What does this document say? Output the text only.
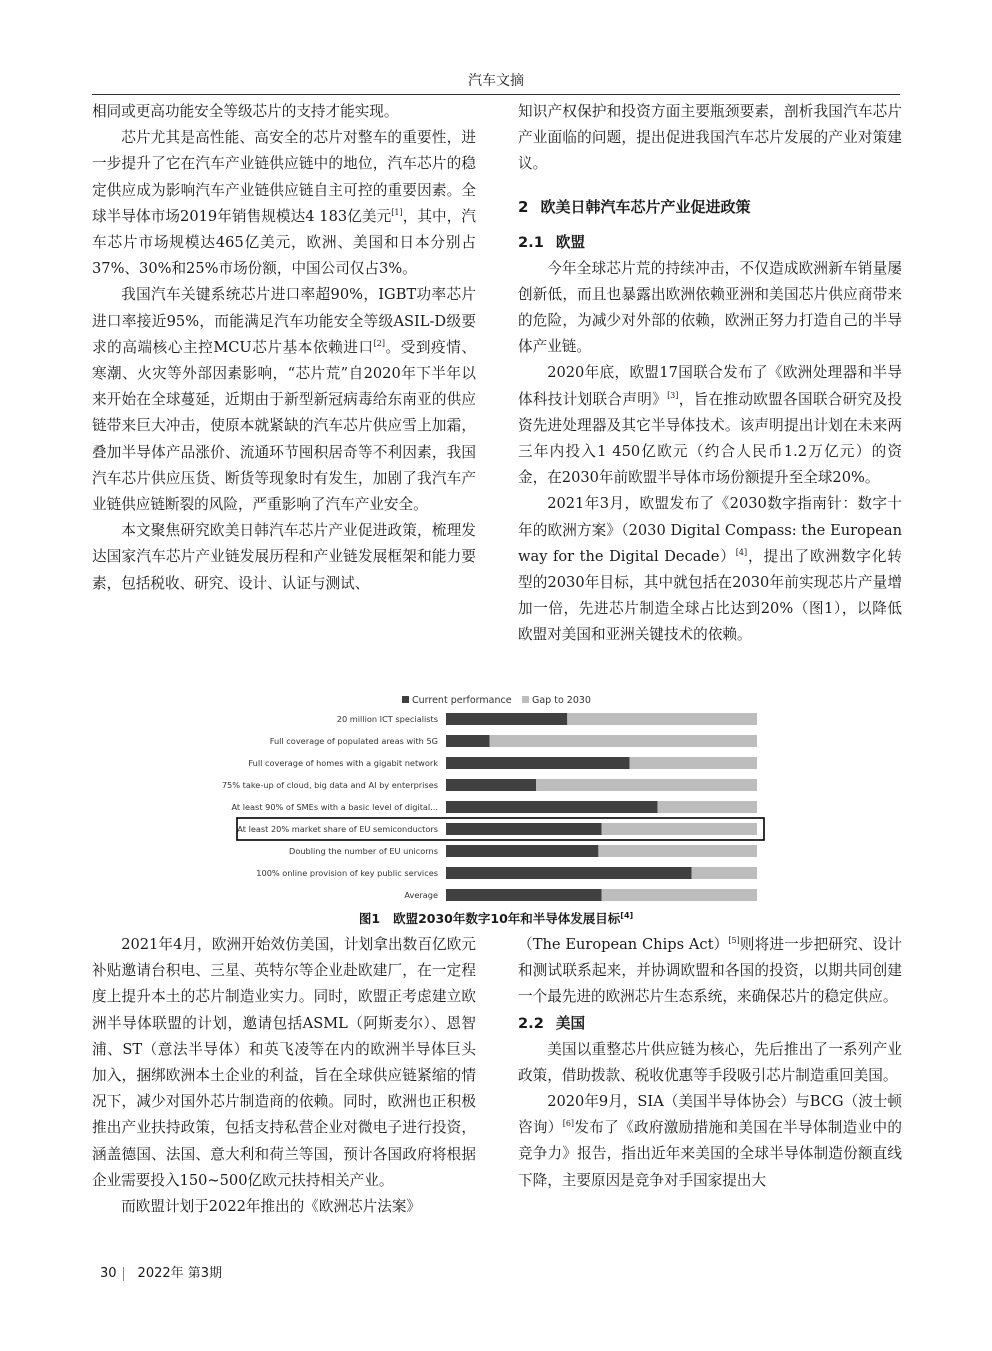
汽车文摘

相同或更高功能安全等级芯片的支持才能实现。

芯片尤其是高性能、高安全的芯片对整车的重要性，进一步提升了它在汽车产业链供应链中的地位，汽车芯片的稳定供应成为影响汽车产业链供应链自主可控的重要因素。全球半导体市场2019年销售规模达4 183亿美元[1]，其中，汽车芯片市场规模达465亿美元，欧洲、美国和日本分别占37%、30%和25%市场份额，中国公司仅占3%。

我国汽车关键系统芯片进口率超90%，IGBT功率芯片进口率接近95%，而能满足汽车功能安全等级ASIL-D级要求的高端核心主控MCU芯片基本依赖进口[2]。受到疫情、寒潮、火灾等外部因素影响，“芯片荒”自2020年下半年以来开始在全球蔓延，近期由于新型新冠病毒给东南亚的供应链带来巨大冲击，使原本就紧缺的汽车芯片供应雪上加霜，叠加半导体产品涨价、流通环节囤积居奇等不利因素，我国汽车芯片供应压货、断货等现象时有发生，加剧了我汽车产业链供应链断裂的风险，严重影响了汽车产业安全。

本文聚焦研究欧美日韩汽车芯片产业促进政策，梳理发达国家汽车芯片产业链发展历程和产业链发展框架和能力要素，包括税收、研究、设计、认证与测试、

知识产权保护和投资方面主要瓶颈要素，剖析我国汽车芯片产业面临的问题，提出促进我国汽车芯片发展的产业对策建议。

2 欧美日韩汽车芯片产业促进政策
2.1 欧盟

今年全球芯片荒的持续冲击，不仅造成欧洲新车销量屡创新低，而且也暴露出欧洲依赖亚洲和美国芯片供应商带来的危险，为减少对外部的依赖，欧洲正努力打造自己的半导体产业链。

2020年底，欧盟17国联合发布了《欧洲处理器和半导体科技计划联合声明》[3]，旨在推动欧盟各国联合研究及投资先进处理器及其它半导体技术。该声明提出计划在未来两三年内投入1 450亿欧元（约合人民币1.2万亿元）的资金，在2030年前欧盟半导体市场份额提升至全球20%。

2021年3月，欧盟发布了《2030数字指南针：数字十年的欧洲方案》（2030 Digital Compass: the European way for the Digital Decade）[4]，提出了欧洲数字化转型的2030年目标，其中就包括在2030年前实现芯片产量增加一倍，先进芯片制造全球占比达到20%（图1），以降低欧盟对美国和亚洲关键技术的依赖。

Current performance Gap to 2030
20 million ICT specialists
Full coverage of populated areas with 5G
Full coverage of homes with a gigabit network
75% take-up of cloud, big data and AI by enterprises
At least 90% of SMEs with a basic level of digital...
At least 20% market share of EU semiconductors
Doubling the number of EU unicorns
100% online provision of key public services
Average
图1 欧盟2030年数字10年和半导体发展目标[4]

2021年4月，欧洲开始效仿美国，计划拿出数百亿欧元补贴邀请台积电、三星、英特尔等企业赴欧建厂，在一定程度上提升本土的芯片制造业实力。同时，欧盟正考虑建立欧洲半导体联盟的计划，邀请包括ASML（阿斯麦尔）、恩智浦、ST（意法半导体）和英飞凌等在内的欧洲半导体巨头加入，捆绑欧洲本土企业的利益，旨在全球供应链紧缩的情况下，减少对国外芯片制造商的依赖。同时，欧洲也正积极推出产业扶持政策，包括支持私营企业对微电子进行投资，涵盖德国、法国、意大利和荷兰等国，预计各国政府将根据企业需要投入150~500亿欧元扶持相关产业。

而欧盟计划于2022年推出的《欧洲芯片法案》

（The European Chips Act）[5]则将进一步把研究、设计和测试联系起来，并协调欧盟和各国的投资，以期共同创建一个最先进的欧洲芯片生态系统，来确保芯片的稳定供应。

2.2 美国

美国以重整芯片供应链为核心，先后推出了一系列产业政策，借助拨款、税收优惠等手段吸引芯片制造重回美国。

2020年9月，SIA（美国半导体协会）与BCG（波士顿咨询）[6]发布了《政府激励措施和美国在半导体制造业中的竞争力》报告，指出近年来美国的全球半导体制造份额直线下降，主要原因是竞争对手国家提出大

30 2022年 第3期
